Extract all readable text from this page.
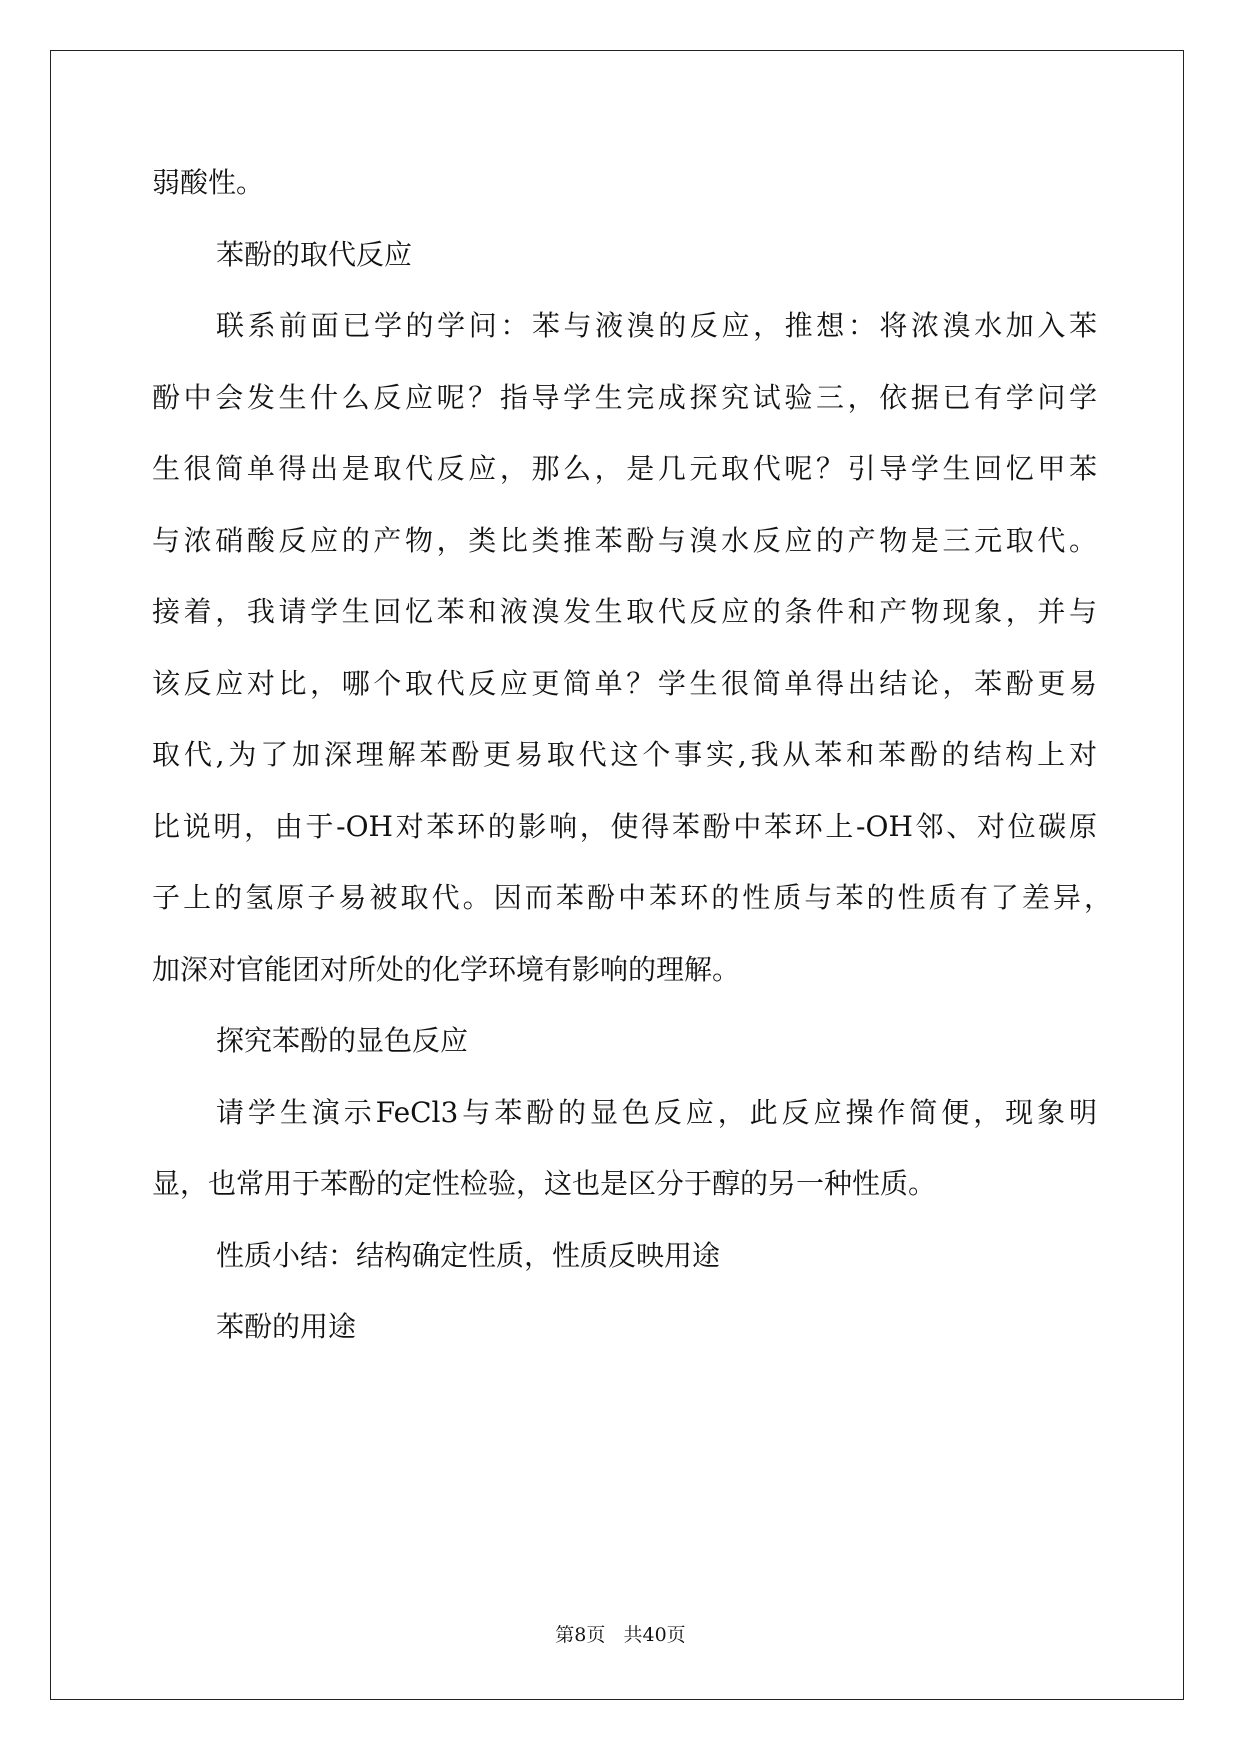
弱酸性。
苯酚的取代反应
联系前面已学的学问：苯与液溴的反应，推想：将浓溴水加入苯
酚中会发生什么反应呢？指导学生完成探究试验三，依据已有学问学
生很简单得出是取代反应，那么，是几元取代呢？引导学生回忆甲苯
与浓硝酸反应的产物，类比类推苯酚与溴水反应的产物是三元取代。
接着，我请学生回忆苯和液溴发生取代反应的条件和产物现象，并与
该反应对比，哪个取代反应更简单？学生很简单得出结论，苯酚更易
取代,为了加深理解苯酚更易取代这个事实,我从苯和苯酚的结构上对
比说明，由于-OH对苯环的影响，使得苯酚中苯环上-OH邻、对位碳原
子上的氢原子易被取代。因而苯酚中苯环的性质与苯的性质有了差异，
加深对官能团对所处的化学环境有影响的理解。
探究苯酚的显色反应
请学生演示FeCl3与苯酚的显色反应，此反应操作简便，现象明
显，也常用于苯酚的定性检验，这也是区分于醇的另一种性质。
性质小结：结构确定性质，性质反映用途
苯酚的用途
第8页   共40页
